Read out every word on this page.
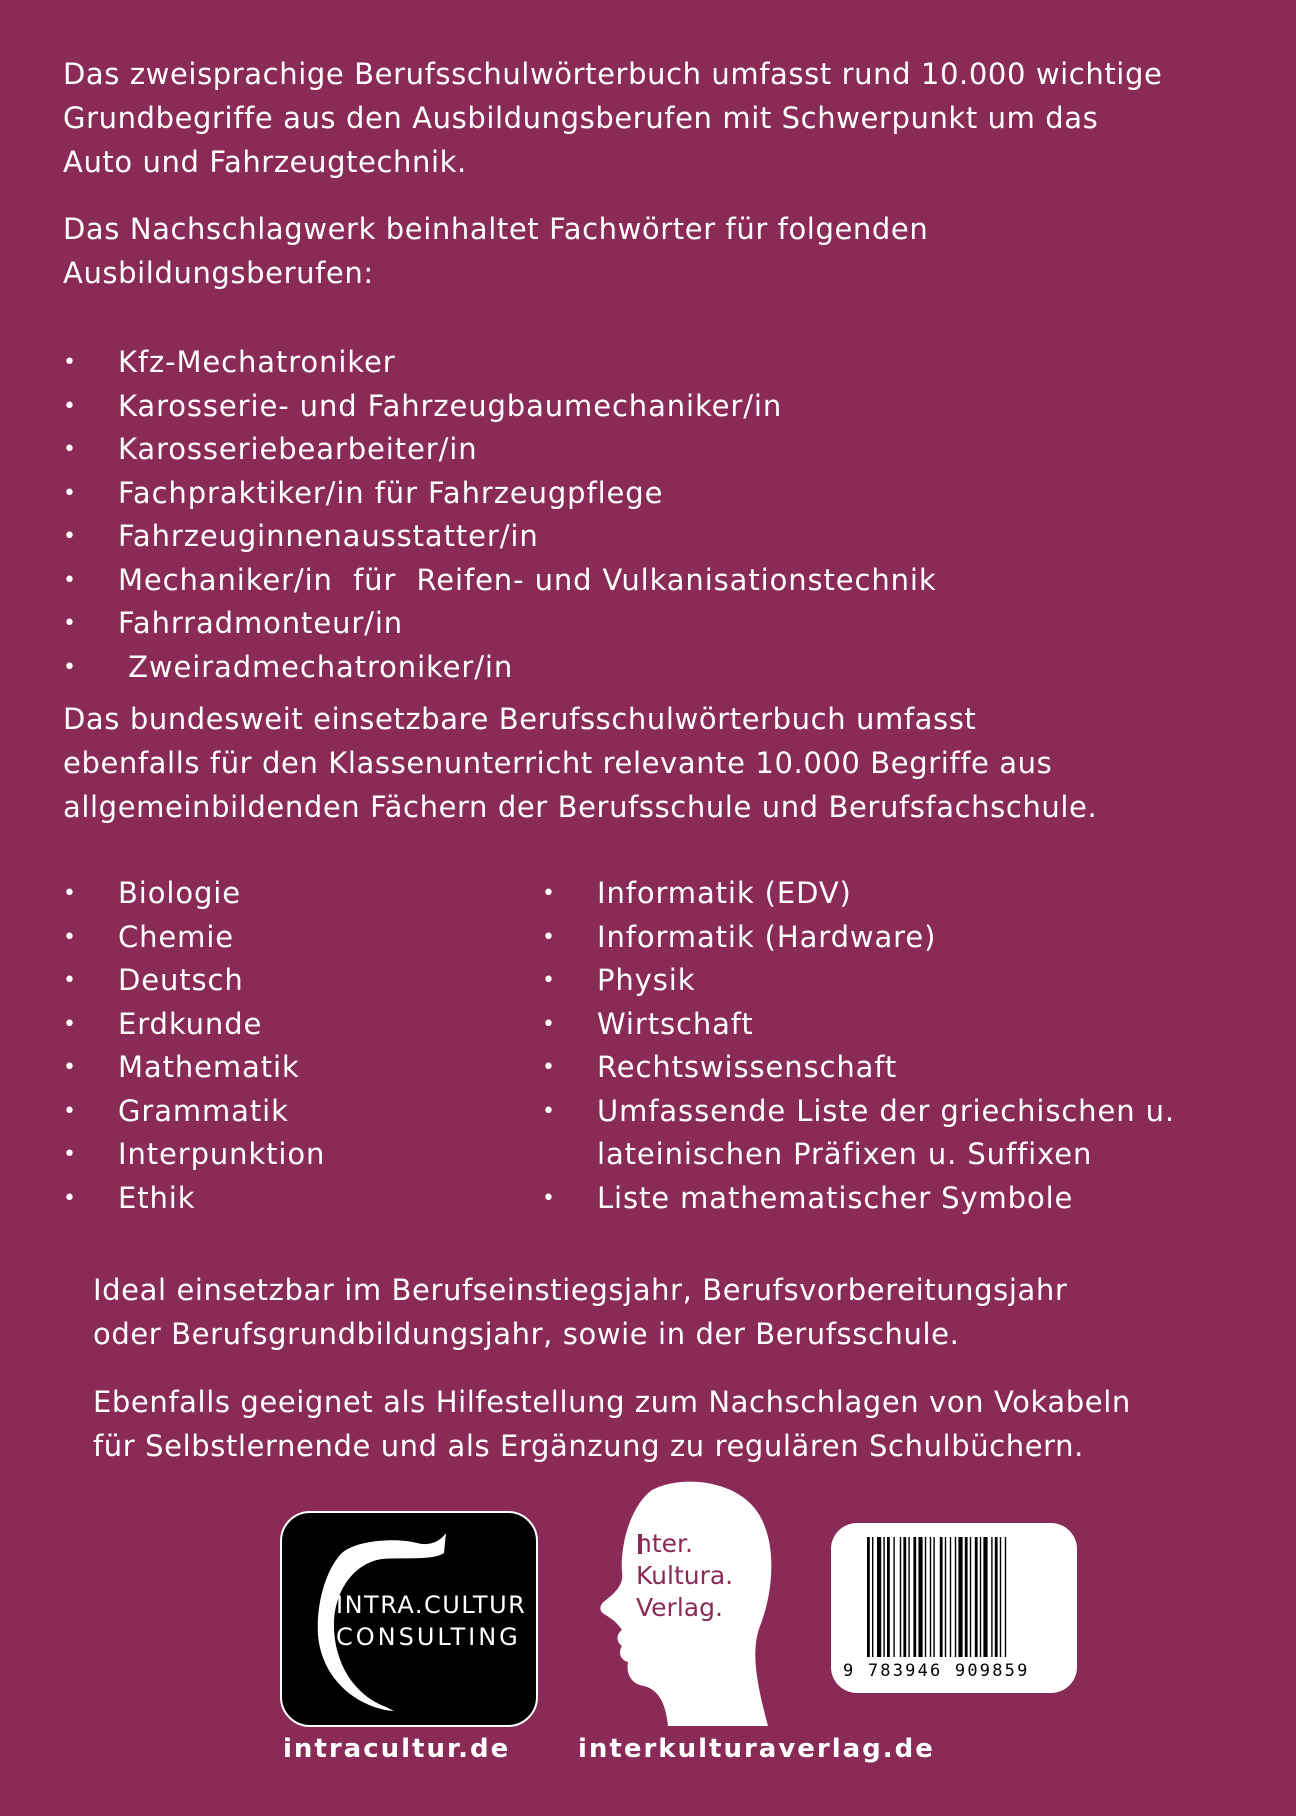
Das zweisprachige Berufsschulwörterbuch umfasst rund 10.000 wichtige
Grundbegriffe aus den Ausbildungsberufen mit Schwerpunkt um das
Auto und Fahrzeugtechnik.

Das Nachschlagwerk beinhaltet Fachwörter für folgenden
Ausbildungsberufen:

• Kfz-Mechatroniker
• Karosserie- und Fahrzeugbaumechaniker/in
• Karosseriebearbeiter/in
• Fachpraktiker/in für Fahrzeugpflege
• Fahrzeuginnenausstatter/in
• Mechaniker/in  für  Reifen- und Vulkanisationstechnik
• Fahrradmonteur/in
• Zweiradmechatroniker/in

Das bundesweit einsetzbare Berufsschulwörterbuch umfasst
ebenfalls für den Klassenunterricht relevante 10.000 Begriffe aus
allgemeinbildenden Fächern der Berufsschule und Berufsfachschule.

• Biologie
• Chemie
• Deutsch
• Erdkunde
• Mathematik
• Grammatik
• Interpunktion
• Ethik
• Informatik (EDV)
• Informatik (Hardware)
• Physik
• Wirtschaft
• Rechtswissenschaft
• Umfassende Liste der griechischen u.
lateinischen Präfixen u. Suffixen
• Liste mathematischer Symbole

Ideal einsetzbar im Berufseinstiegsjahr, Berufsvorbereitungsjahr
oder Berufsgrundbildungsjahr, sowie in der Berufsschule.

Ebenfalls geeignet als Hilfestellung zum Nachschlagen von Vokabeln
für Selbstlernende und als Ergänzung zu regulären Schulbüchern.

INTRA.CULTUR
CONSULTING
nter.
Kultura.
Verlag.
9 783946 909859
intracultur.de	interkulturaverlag.de
